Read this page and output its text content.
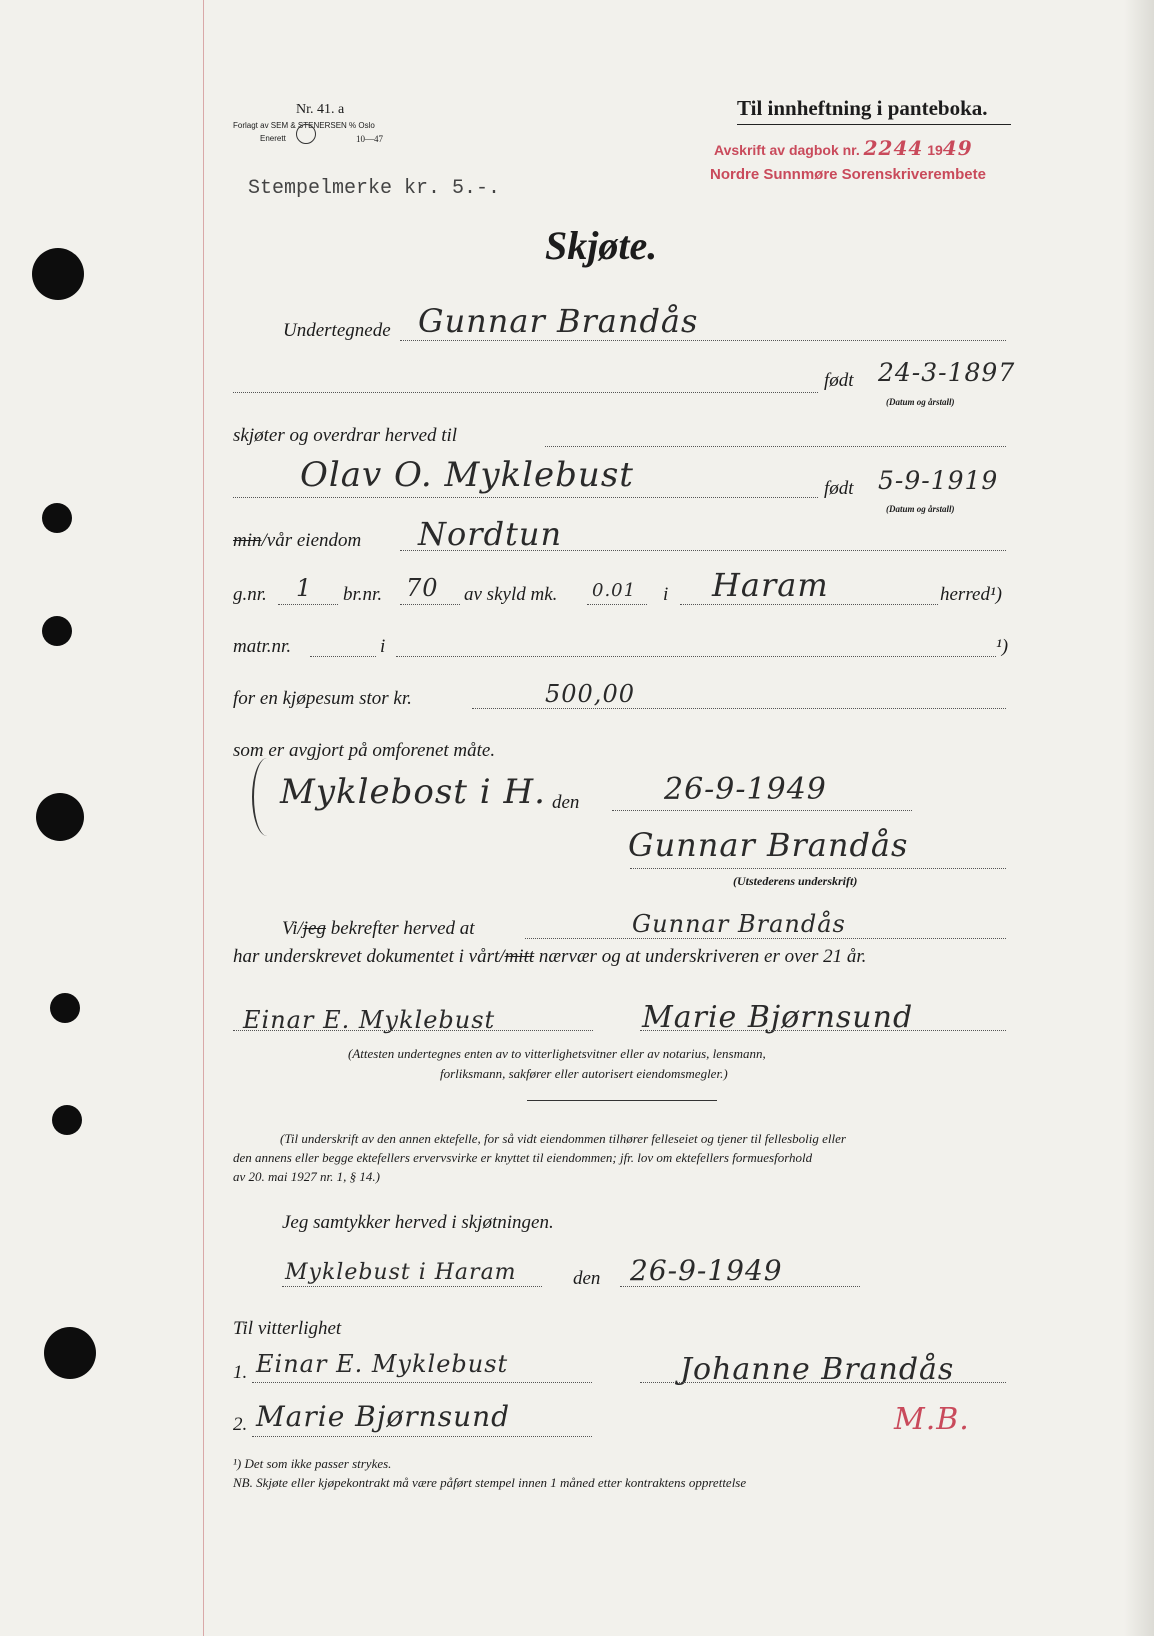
Nr. 41. a
Forlagt av SEM & STENERSEN % Oslo
Enerett	10—47
Til innheftning i panteboka.
Avskrift av dagbok nr. 2244 1949
Nordre Sunnmøre Sorenskriverembete
Stempelmerke kr. 5.-.
Skjøte.
Undertegnede Gunnar Brandås
født 24-3-1897
(Datum og årstall)
skjøter og overdrar herved til
Olav O. Myklebust	født 5-9-1919
(Datum og årstall)
min/vår eiendom Nordtun
g.nr. 1 br.nr. 70 av skyld mk. 0.01 i Haram	herred¹)
matr.nr.	i	¹)
for en kjøpesum stor kr.	500,00
som er avgjort på omforenet måte.
Myklebost i H. den	26-9-1949
Gunnar Brandås
(Utstederens underskrift)
Vi/jeg bekrefter herved at	Gunnar Brandås
har underskrevet dokumentet i vårt/mitt nærvær og at underskriveren er over 21 år.
Einar E. Myklebust	Marie Bjørnsund
(Attesten undertegnes enten av to vitterlighetsvitner eller av notarius, lensmann,
forliksmann, sakfører eller autorisert eiendomsmegler.)
(Til underskrift av den annen ektefelle, for så vidt eiendommen tilhører felleseiet og tjener til fellesbolig eller
den annens eller begge ektefellers ervervsvirke er knyttet til eiendommen; jfr. lov om ektefellers formuesforhold
av 20. mai 1927 nr. 1, § 14.)
Jeg samtykker herved i skjøtningen.
Myklebust i Haram	den 26-9-1949
Til vitterlighet
1. Einar E. Myklebust	Johanne Brandås
2. Marie Bjørnsund	M.B.
¹) Det som ikke passer strykes.
NB. Skjøte eller kjøpekontrakt må være påført stempel innen 1 måned etter kontraktens opprettelse
